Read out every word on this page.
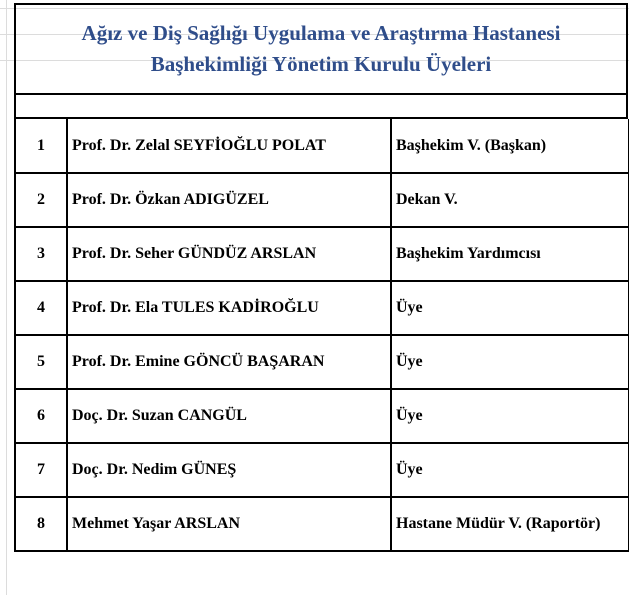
Ağız ve Diş Sağlığı Uygulama ve Araştırma Hastanesi
Başhekimliği Yönetim Kurulu Üyeleri
1	Prof. Dr. Zelal SEYFİOĞLU POLAT	Başhekim V. (Başkan)
2	Prof. Dr. Özkan ADIGÜZEL	Dekan V.
3	Prof. Dr. Seher GÜNDÜZ ARSLAN	Başhekim Yardımcısı
4	Prof. Dr. Ela TULES KADİROĞLU	Üye
5	Prof. Dr. Emine GÖNCÜ BAŞARAN	Üye
6	Doç. Dr. Suzan CANGÜL	Üye
7	Doç. Dr. Nedim GÜNEŞ	Üye
8	Mehmet Yaşar ARSLAN	Hastane Müdür V. (Raportör)
